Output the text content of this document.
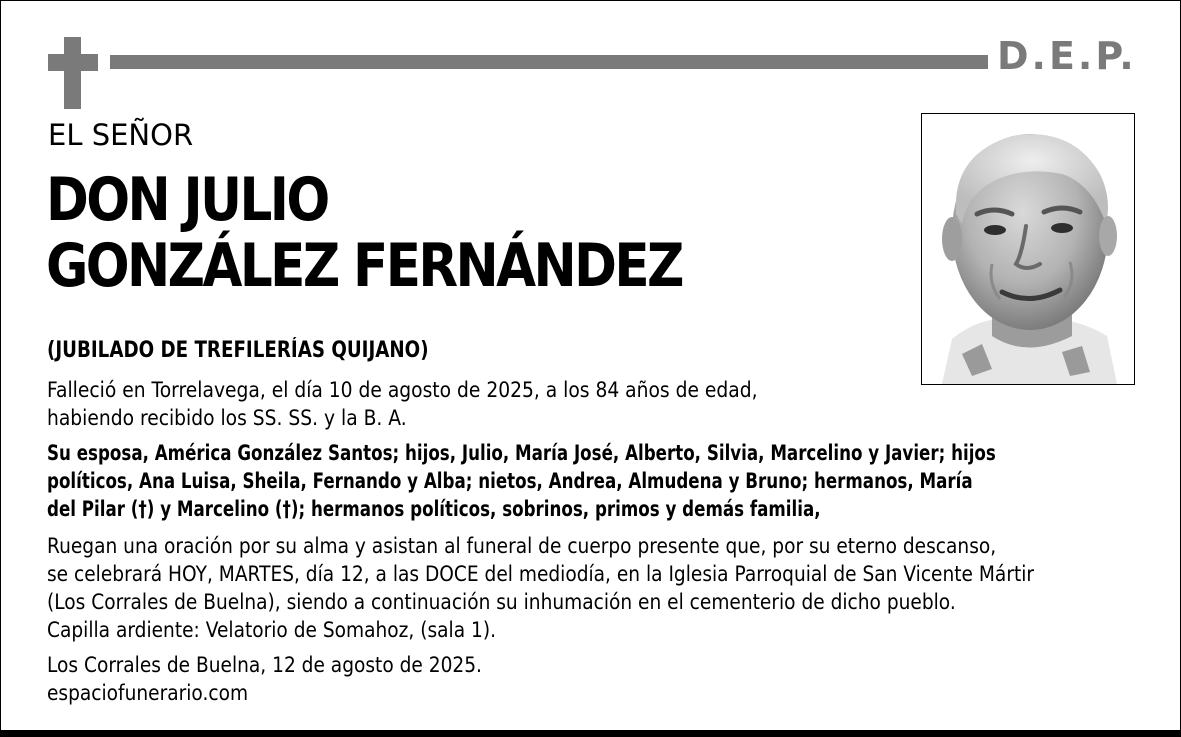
D.E.P.
EL SEÑOR
DON JULIO
GONZÁLEZ FERNÁNDEZ
(JUBILADO DE TREFILERÍAS QUIJANO)
Falleció en Torrelavega, el día 10 de agosto de 2025, a los 84 años de edad,
habiendo recibido los SS. SS. y la B. A.
Su esposa, América González Santos; hijos, Julio, María José, Alberto, Silvia, Marcelino y Javier; hijos
políticos, Ana Luisa, Sheila, Fernando y Alba; nietos, Andrea, Almudena y Bruno; hermanos, María
del Pilar (†) y Marcelino (†); hermanos políticos, sobrinos, primos y demás familia,
Ruegan una oración por su alma y asistan al funeral de cuerpo presente que, por su eterno descanso,
se celebrará HOY, MARTES, día 12, a las DOCE del mediodía, en la Iglesia Parroquial de San Vicente Mártir
(Los Corrales de Buelna), siendo a continuación su inhumación en el cementerio de dicho pueblo.
Capilla ardiente: Velatorio de Somahoz, (sala 1).
Los Corrales de Buelna, 12 de agosto de 2025.
espaciofunerario.com
